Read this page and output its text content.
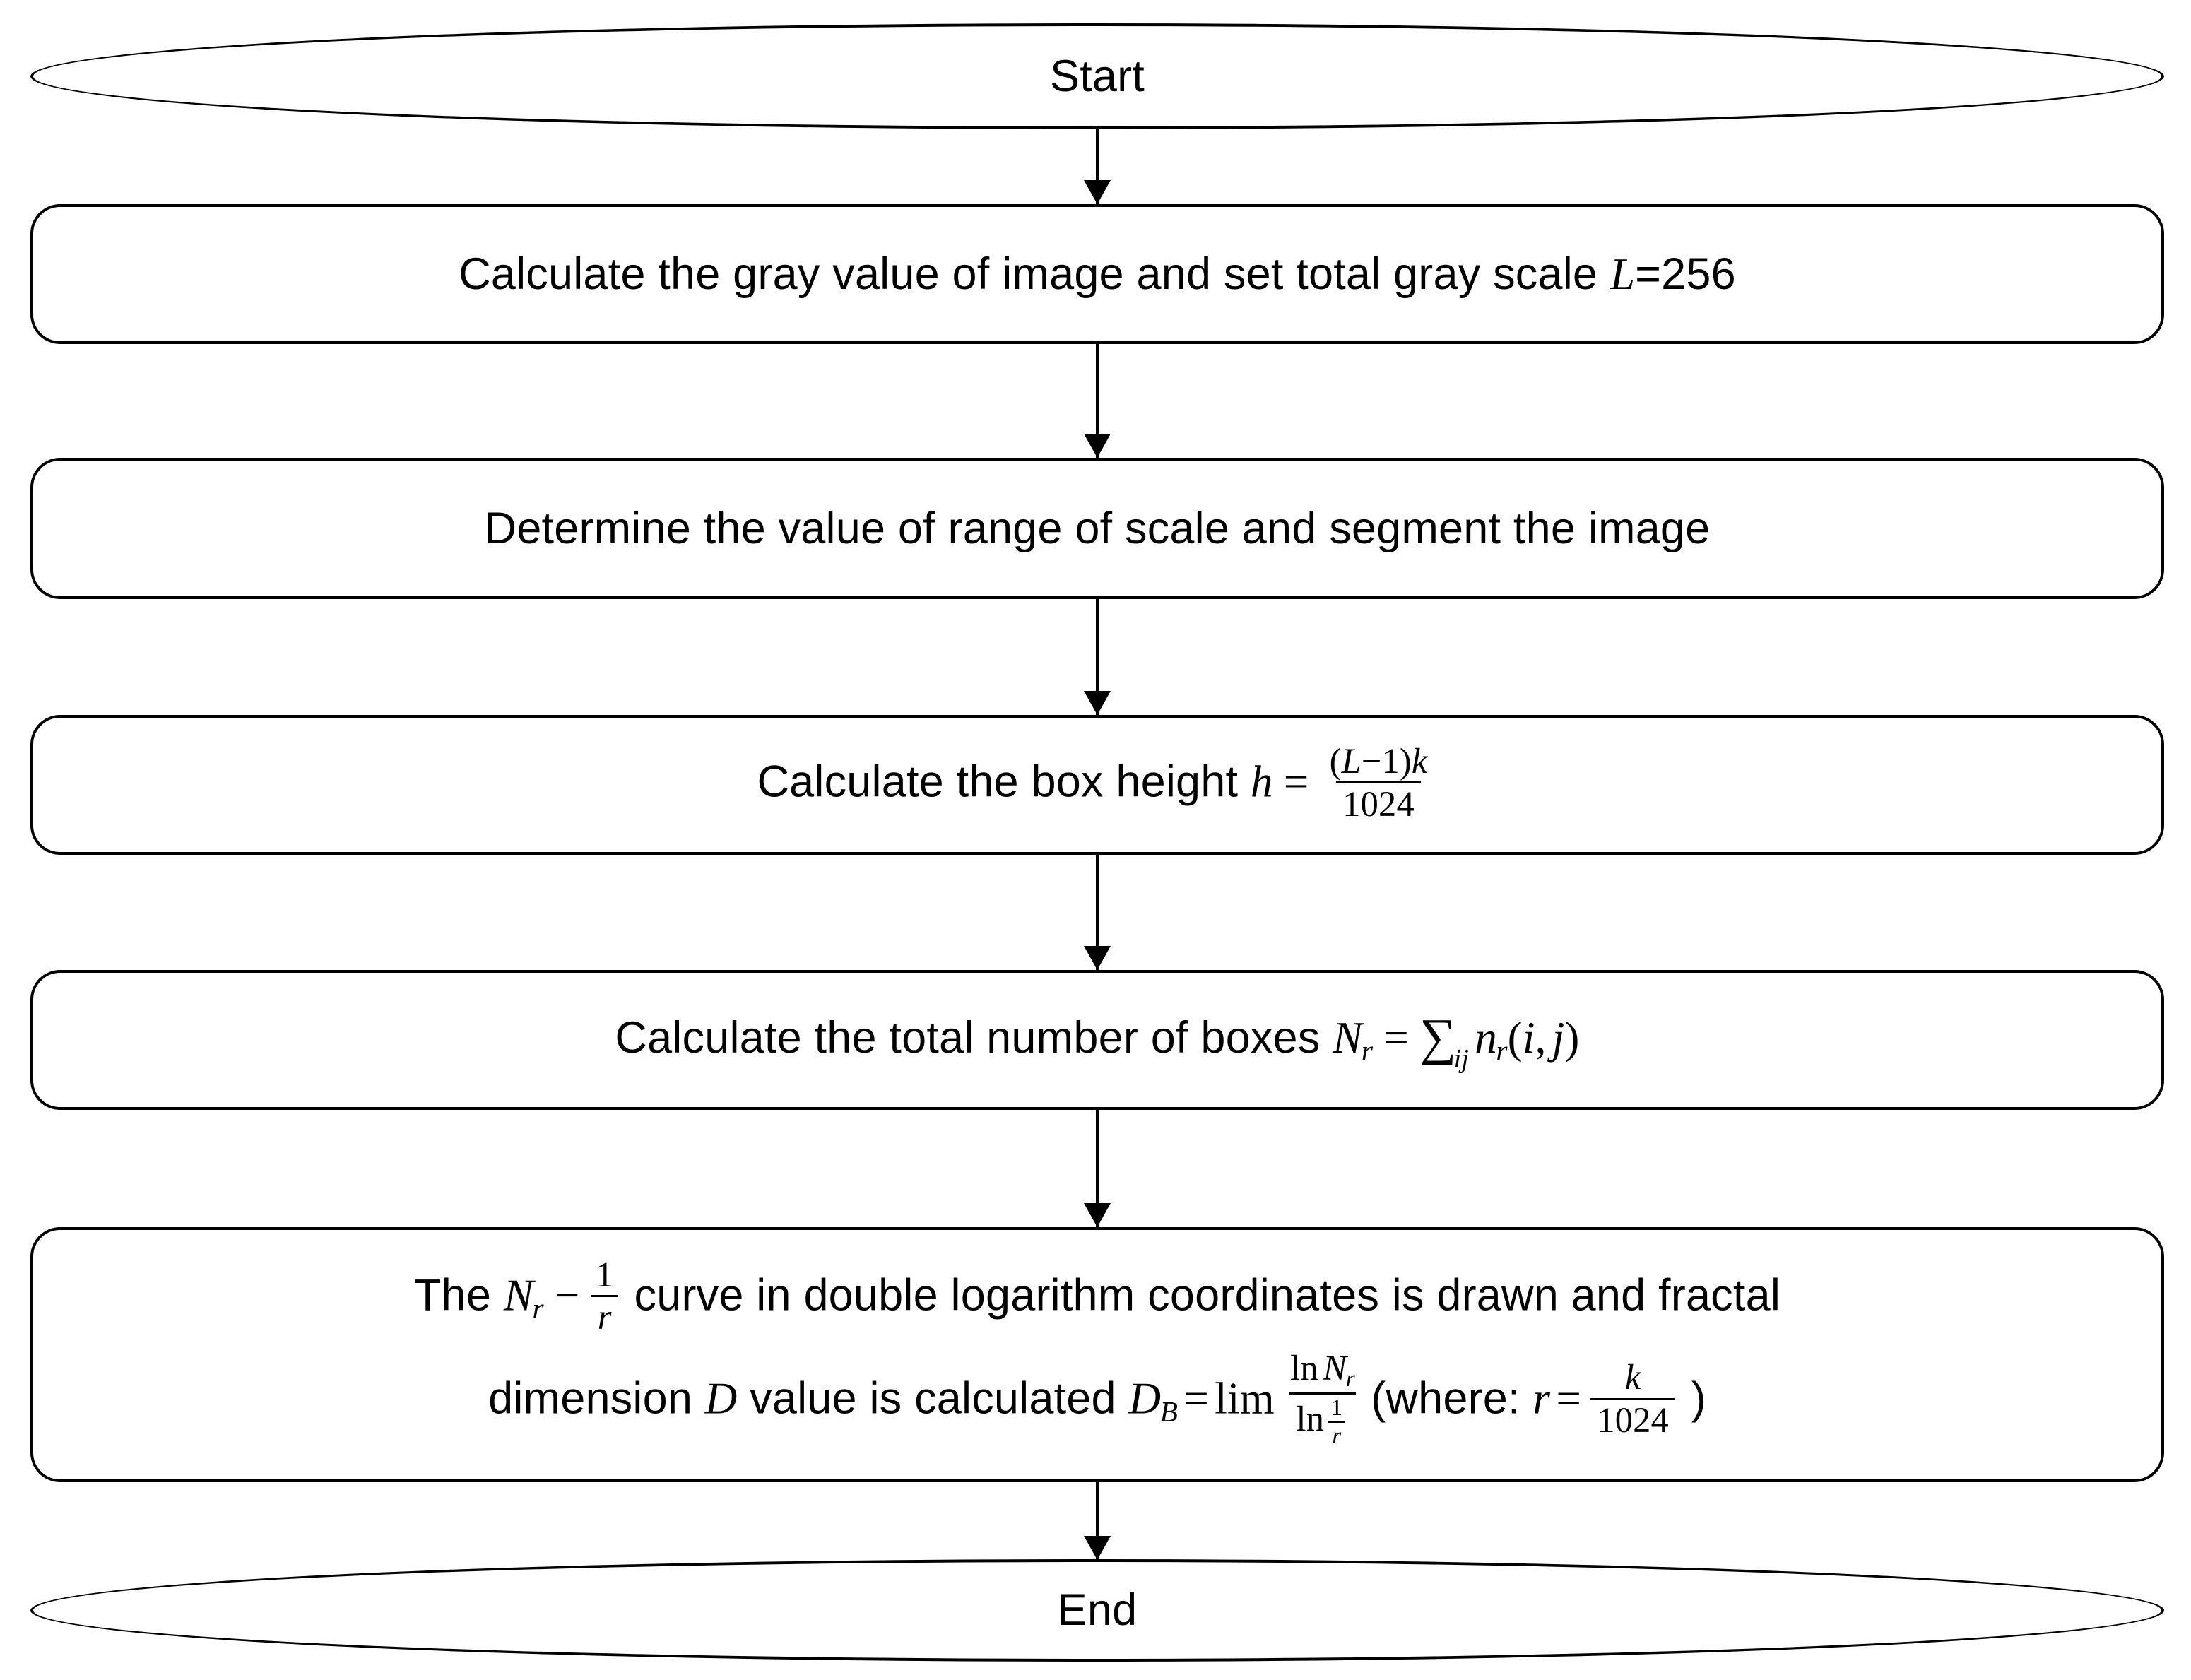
Start
Calculate the gray value of image and set total gray scale L=256
Determine the value of range of scale and segment the image
Calculate the box height $h = \frac{(L-1)k}{1024}$
Calculate the total number of boxes Nr = ∑ij nr(i, j)
The $Nr - \frac{1}{r}$ curve in double logarithm coordinates is drawn and fractal
dimension D value is calculated DB = $\lim \frac{\text{ln Nr}}{\ln \frac{1}{r}}$ (where: $r = \frac{k}{1024}$ )
End
